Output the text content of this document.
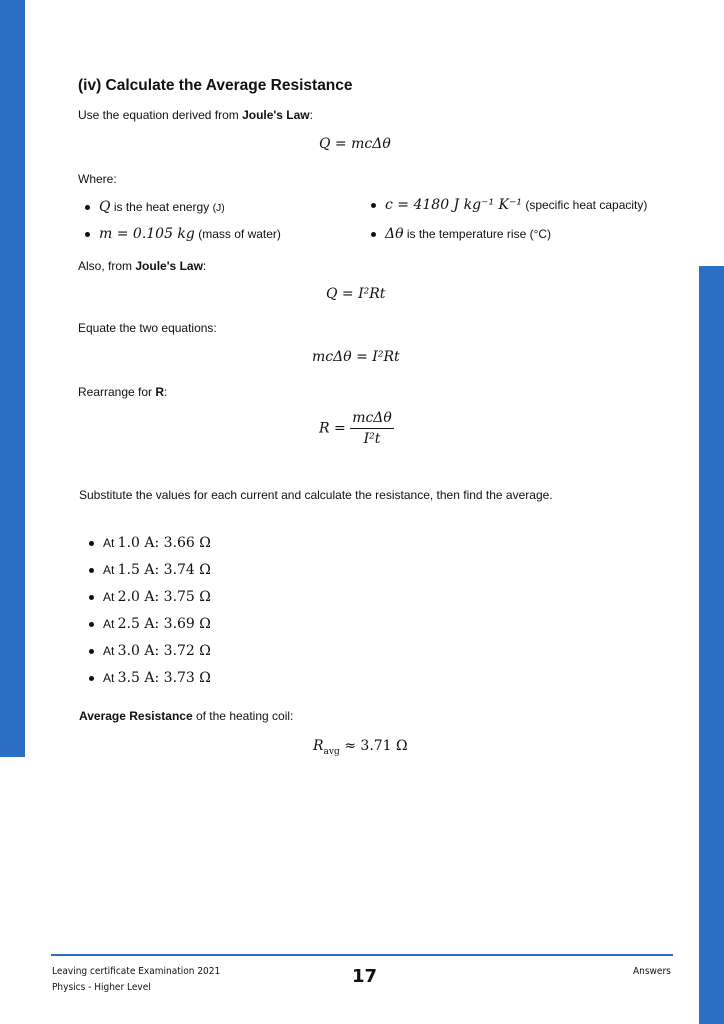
(iv) Calculate the Average Resistance
Use the equation derived from Joule's Law:
Q = mcΔθ
Where:
Q is the heat energy (J)
m = 0.105 kg (mass of water)
c = 4180 J kg⁻¹ K⁻¹ (specific heat capacity)
Δθ is the temperature rise (°C)
Also, from Joule's Law:
Q = I²Rt
Equate the two equations:
mcΔθ = I²Rt
Rearrange for R:
$R = \frac{\text{mcΔθ}}{\text{I²t}}$
Substitute the values for each current and calculate the resistance, then find the average.
At 1.0 A: 3.66 Ω
At 1.5 A: 3.74 Ω
At 2.0 A: 3.75 Ω
At 2.5 A: 3.69 Ω
At 3.0 A: 3.72 Ω
At 3.5 A: 3.73 Ω
Average Resistance of the heating coil:
$R_{avg} \approx 3.71$ Ω
Leaving certificate Examination 2021
Physics - Higher Level
17	Answers
